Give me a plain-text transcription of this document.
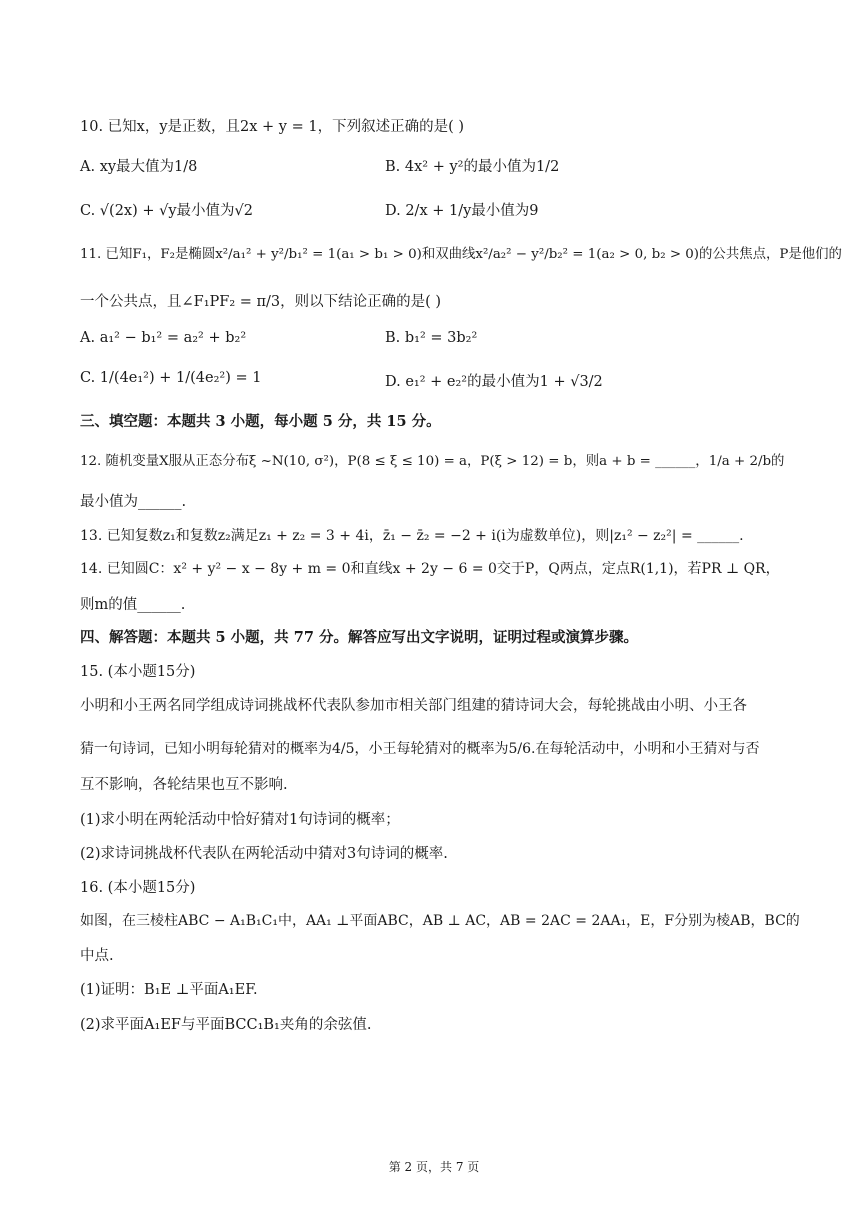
10. 已知x，y是正数，且2x + y = 1，下列叙述正确的是( )
A. xy最大值为1/8	B. 4x² + y²的最小值为1/2
C. √(2x) + √y最小值为√2	D. 2/x + 1/y最小值为9
11. 已知F₁，F₂是椭圆x²/a₁² + y²/b₁² = 1(a₁ > b₁ > 0)和双曲线x²/a₂² − y²/b₂² = 1(a₂ > 0, b₂ > 0)的公共焦点，P是他们的
一个公共点，且∠F₁PF₂ = π/3，则以下结论正确的是( )
A. a₁² − b₁² = a₂² + b₂²	B. b₁² = 3b₂²
C. 1/(4e₁²) + 1/(4e₂²) = 1	D. e₁² + e₂²的最小值为1 + √3/2
三、填空题：本题共 3 小题，每小题 5 分，共 15 分。
12. 随机变量X服从正态分布ξ ~N(10, σ²)，P(8 ≤ ξ ≤ 10) = a，P(ξ > 12) = b，则a + b = ______，1/a + 2/b的
最小值为______.
13. 已知复数z₁和复数z₂满足z₁ + z₂ = 3 + 4i，z̄₁ − z̄₂ = −2 + i(i为虚数单位)，则|z₁² − z₂²| = ______.
14. 已知圆C：x² + y² − x − 8y + m = 0和直线x + 2y − 6 = 0交于P，Q两点，定点R(1,1)，若PR ⊥ QR，
则m的值______.
四、解答题：本题共 5 小题，共 77 分。解答应写出文字说明，证明过程或演算步骤。
15. (本小题15分)
小明和小王两名同学组成诗词挑战杯代表队参加市相关部门组建的猜诗词大会，每轮挑战由小明、小王各
猜一句诗词，已知小明每轮猜对的概率为4/5，小王每轮猜对的概率为5/6.在每轮活动中，小明和小王猜对与否
互不影响，各轮结果也互不影响.
(1)求小明在两轮活动中恰好猜对1句诗词的概率；
(2)求诗词挑战杯代表队在两轮活动中猜对3句诗词的概率.
16. (本小题15分)
如图，在三棱柱ABC − A₁B₁C₁中，AA₁ ⊥平面ABC，AB ⊥ AC，AB = 2AC = 2AA₁，E，F分别为棱AB，BC的
中点.
(1)证明：B₁E ⊥平面A₁EF.
(2)求平面A₁EF与平面BCC₁B₁夹角的余弦值.
第 2 页，共 7 页
